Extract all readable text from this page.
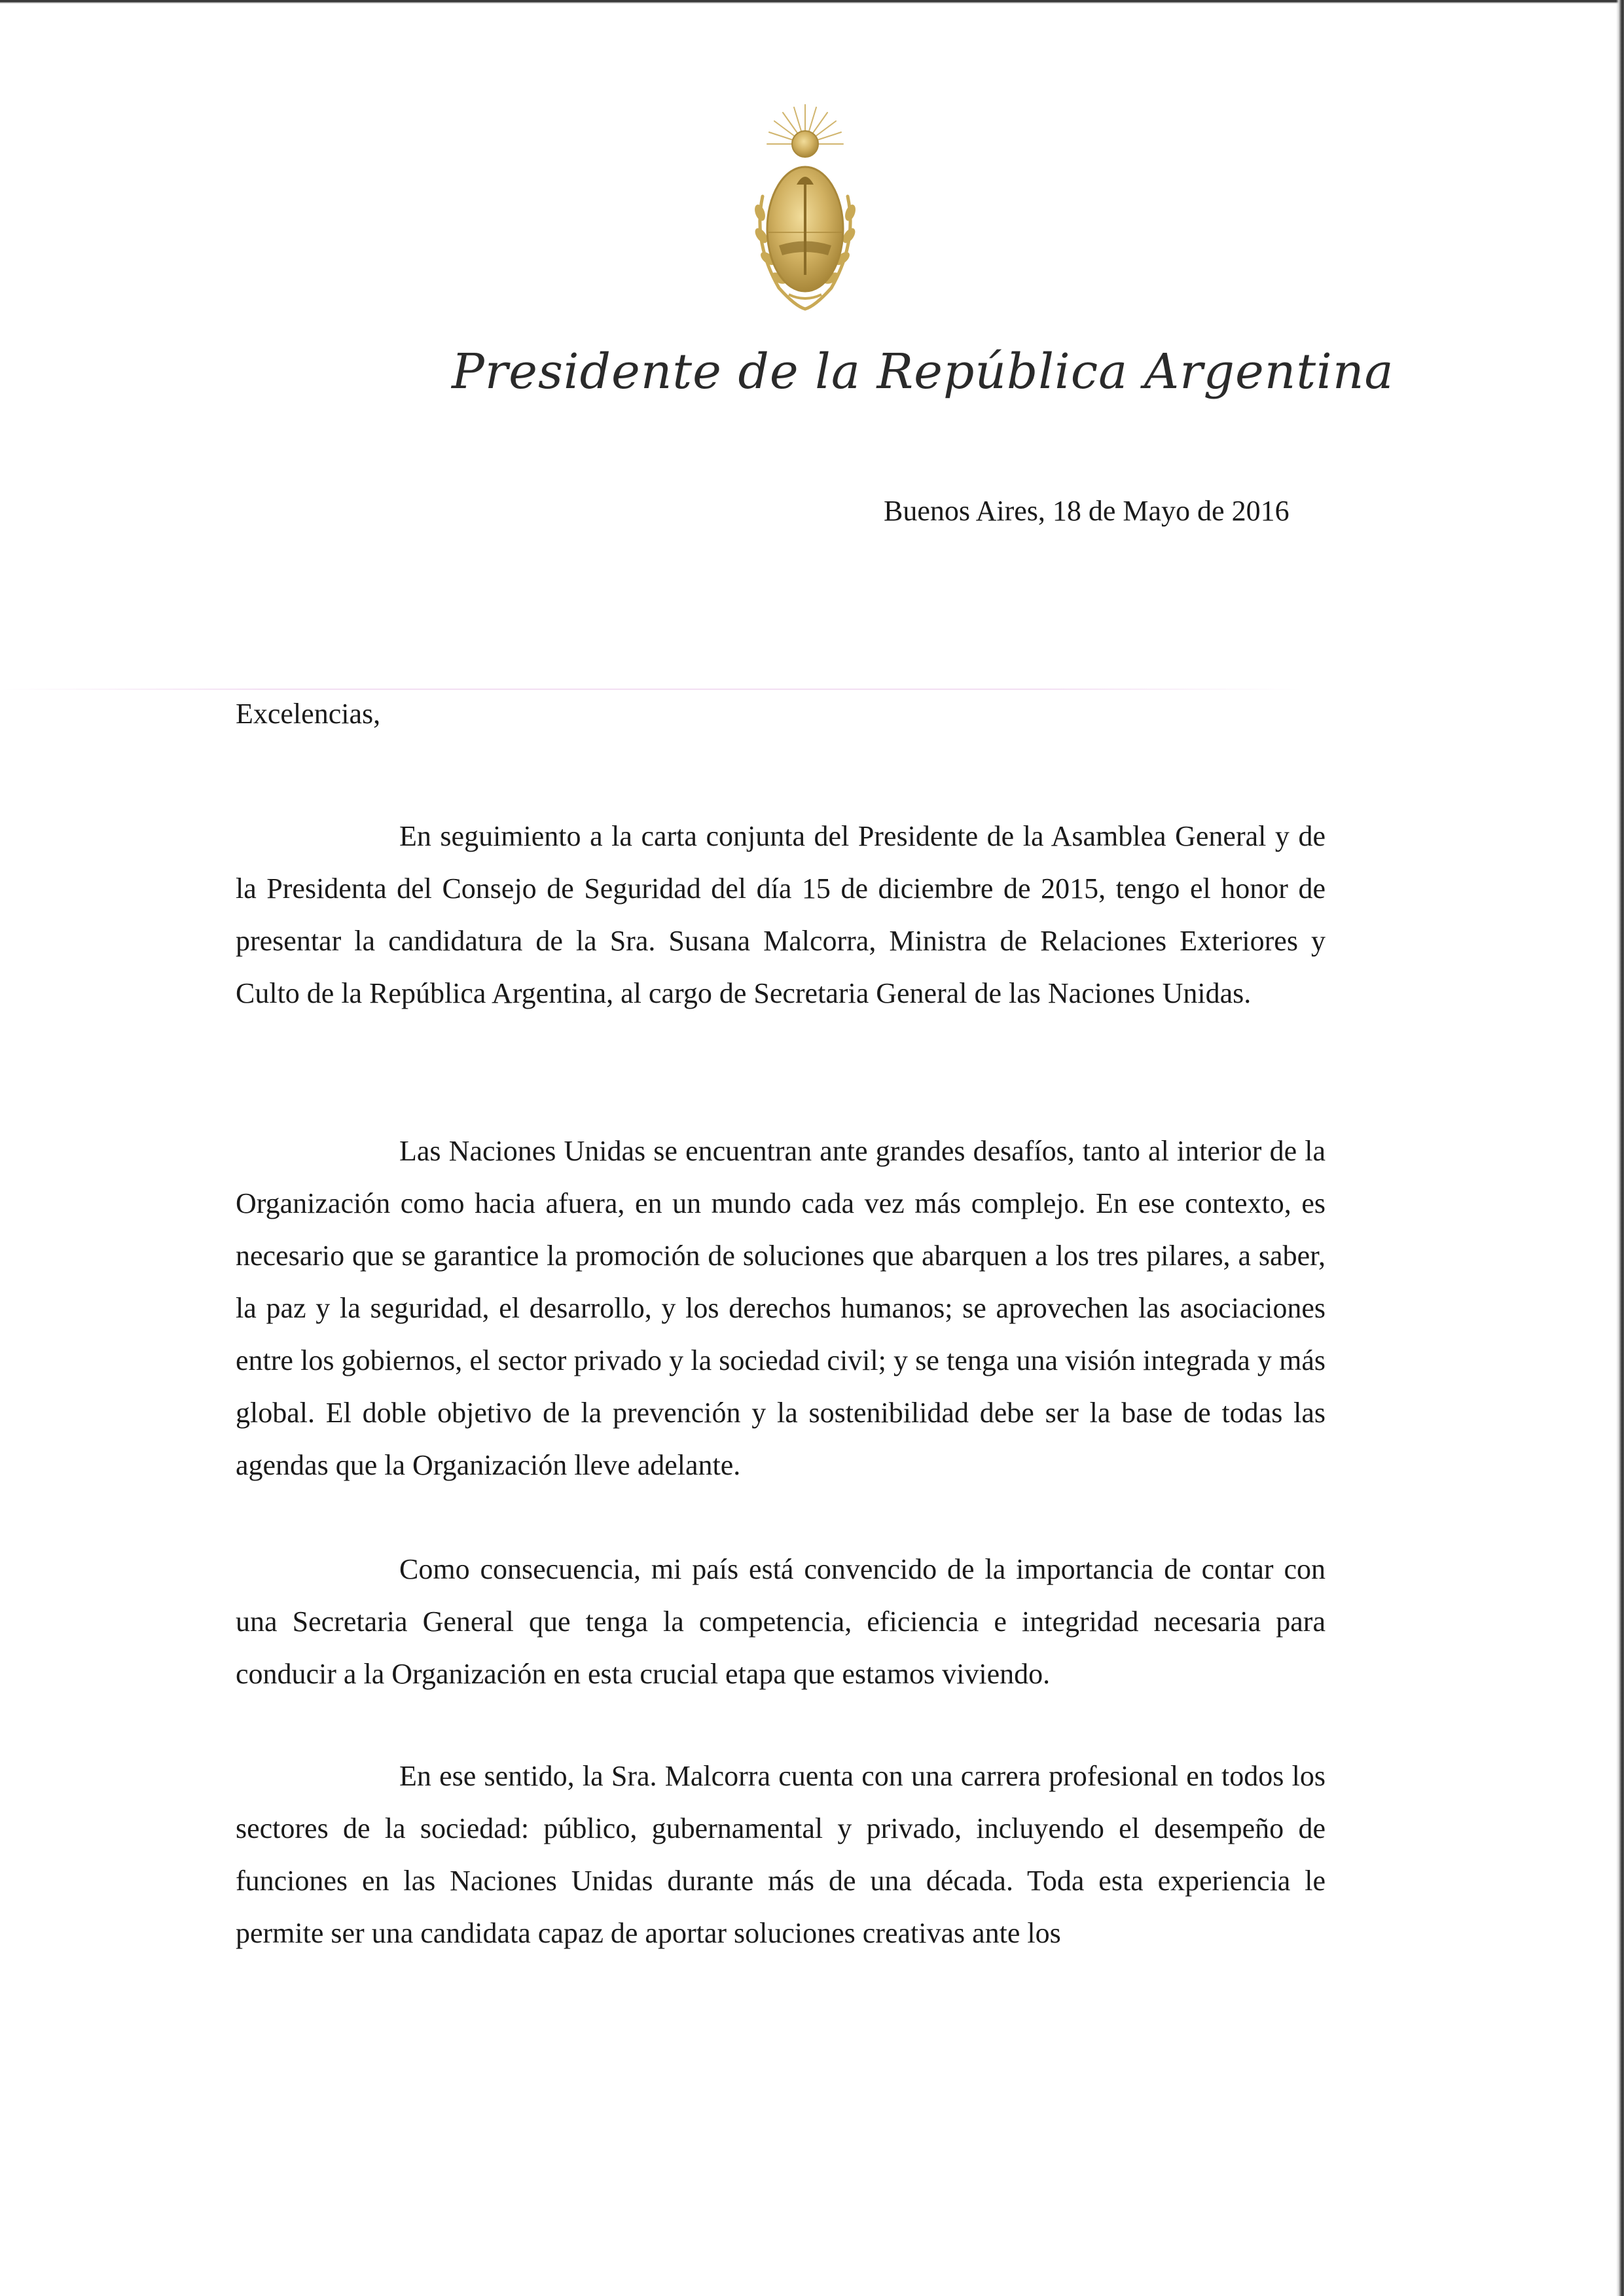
Presidente de la República Argentina
Buenos Aires, 18 de Mayo de 2016
Excelencias,

En seguimiento a la carta conjunta del Presidente de la Asamblea General y de la Presidenta del Consejo de Seguridad del día 15 de diciembre de 2015, tengo el honor de presentar la candidatura de la Sra. Susana Malcorra, Ministra de Relaciones Exteriores y Culto de la República Argentina, al cargo de Secretaria General de las Naciones Unidas.

Las Naciones Unidas se encuentran ante grandes desafíos, tanto al interior de la Organización como hacia afuera, en un mundo cada vez más complejo. En ese contexto, es necesario que se garantice la promoción de soluciones que abarquen a los tres pilares, a saber, la paz y la seguridad, el desarrollo, y los derechos humanos; se aprovechen las asociaciones entre los gobiernos, el sector privado y la sociedad civil; y se tenga una visión integrada y más global. El doble objetivo de la prevención y la sostenibilidad debe ser la base de todas las agendas que la Organización lleve adelante.

Como consecuencia, mi país está convencido de la importancia de contar con una Secretaria General que tenga la competencia, eficiencia e integridad necesaria para conducir a la Organización en esta crucial etapa que estamos viviendo.

En ese sentido, la Sra. Malcorra cuenta con una carrera profesional en todos los sectores de la sociedad: público, gubernamental y privado, incluyendo el desempeño de funciones en las Naciones Unidas durante más de una década. Toda esta experiencia le permite ser una candidata capaz de aportar soluciones creativas ante los
